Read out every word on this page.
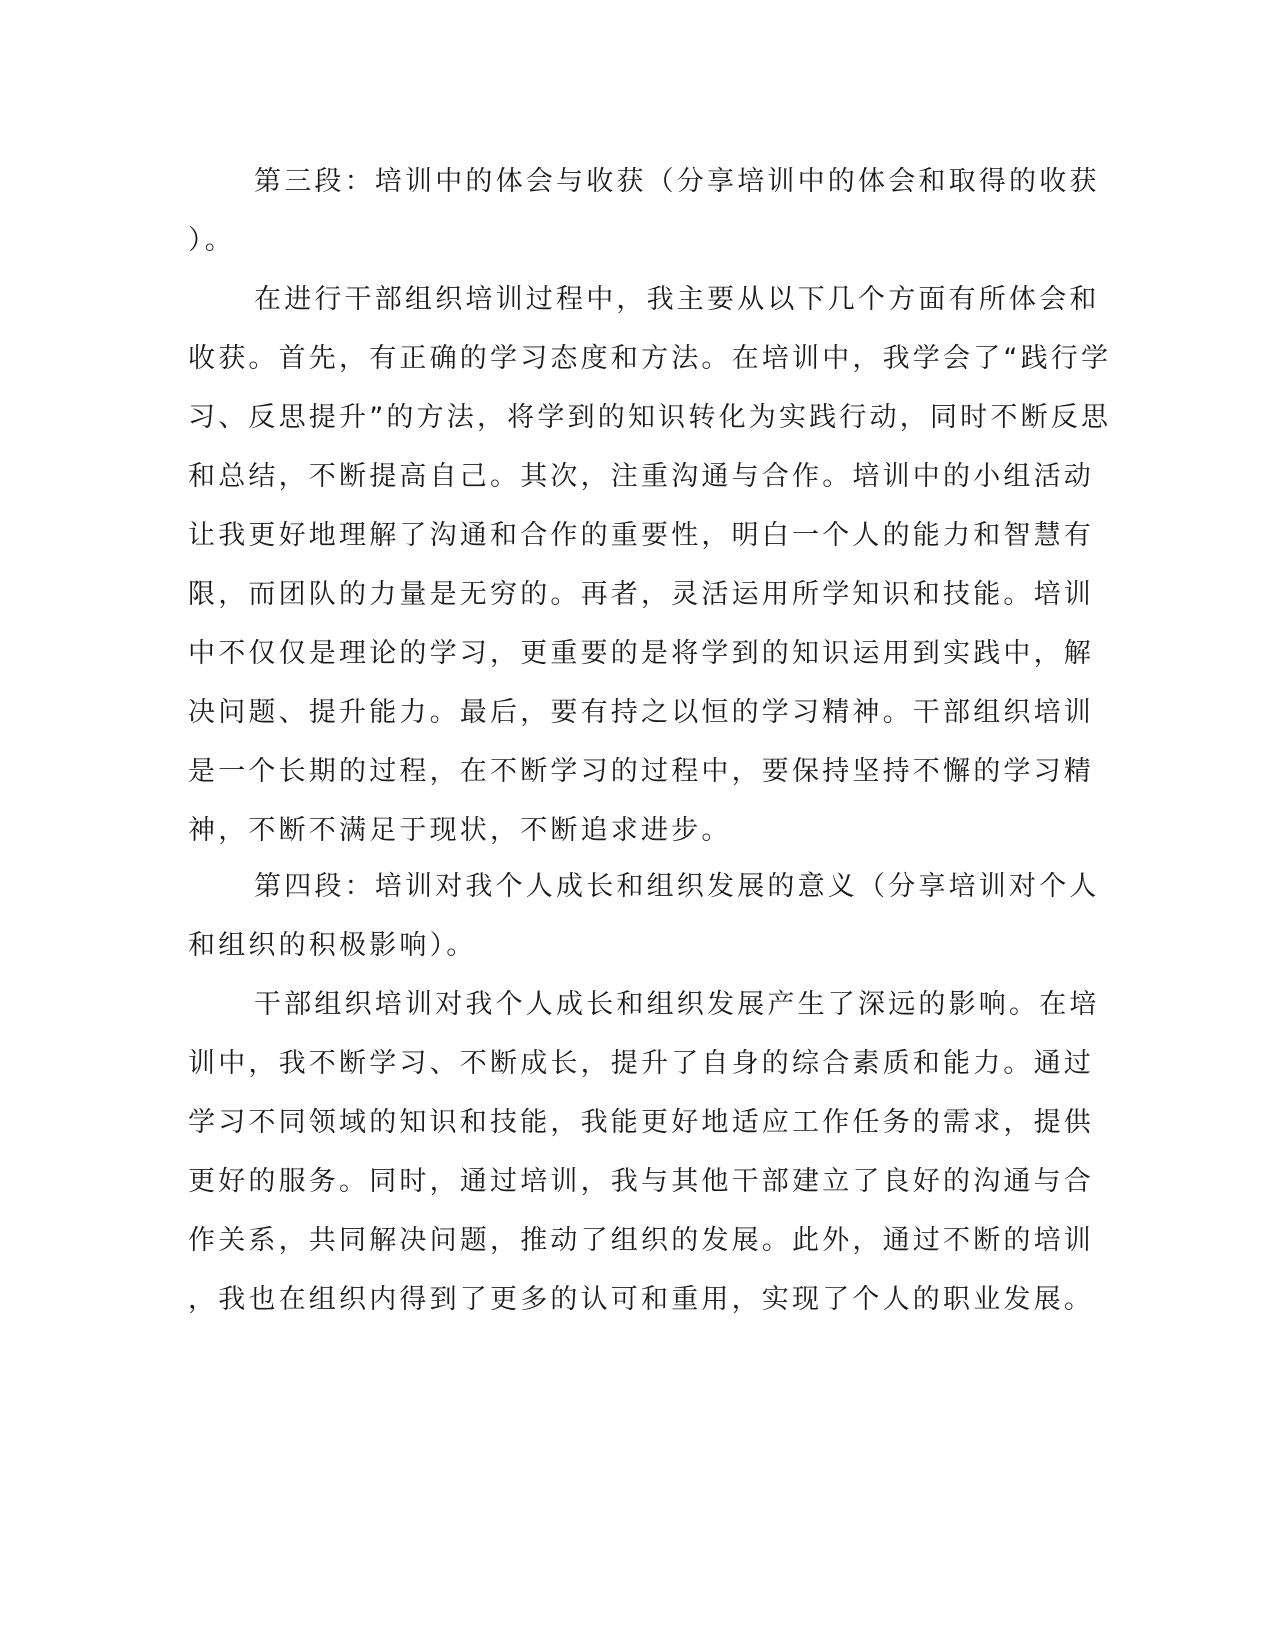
第三段：培训中的体会与收获（分享培训中的体会和取得的收获

）。

在进行干部组织培训过程中，我主要从以下几个方面有所体会和

收获。首先，有正确的学习态度和方法。在培训中，我学会了“践行学

习、反思提升”的方法，将学到的知识转化为实践行动，同时不断反思

和总结，不断提高自己。其次，注重沟通与合作。培训中的小组活动

让我更好地理解了沟通和合作的重要性，明白一个人的能力和智慧有

限，而团队的力量是无穷的。再者，灵活运用所学知识和技能。培训

中不仅仅是理论的学习，更重要的是将学到的知识运用到实践中，解

决问题、提升能力。最后，要有持之以恒的学习精神。干部组织培训

是一个长期的过程，在不断学习的过程中，要保持坚持不懈的学习精

神，不断不满足于现状，不断追求进步。

第四段：培训对我个人成长和组织发展的意义（分享培训对个人

和组织的积极影响）。

干部组织培训对我个人成长和组织发展产生了深远的影响。在培

训中，我不断学习、不断成长，提升了自身的综合素质和能力。通过

学习不同领域的知识和技能，我能更好地适应工作任务的需求，提供

更好的服务。同时，通过培训，我与其他干部建立了良好的沟通与合

作关系，共同解决问题，推动了组织的发展。此外，通过不断的培训

，我也在组织内得到了更多的认可和重用，实现了个人的职业发展。
